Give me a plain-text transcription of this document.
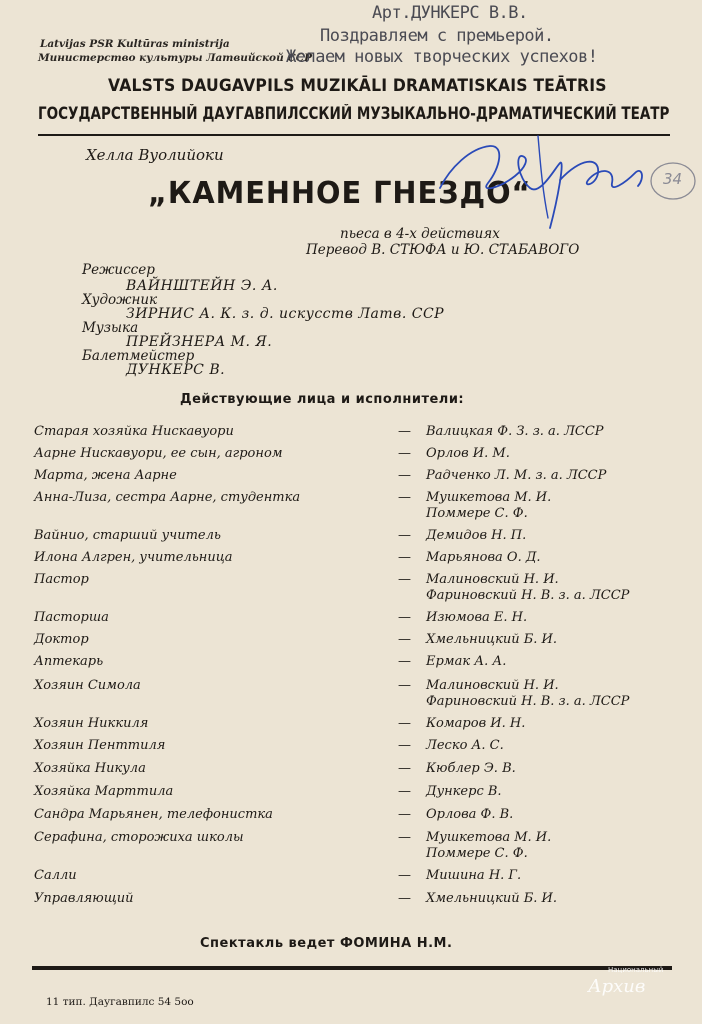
Latvijas PSR Kultūras ministrija
Министерство культуры Латвийской ССР
Арт.ДУНКЕРС В.В.
Поздравляем с премьерой.
Желаем новых творческих успехов!
VALSTS DAUGAVPILS MUZIKĀLI DRAMATISKAIS TEĀTRIS
ГОСУДАРСТВЕННЫЙ ДАУГАВПИЛССКИЙ МУЗЫКАЛЬНО-ДРАМАТИЧЕСКИЙ ТЕАТР
Хелла Вуолийоки
„КАМЕННОЕ ГНЕЗДО“
пьеса в 4-х действиях
Перевод В. СТЮФА и Ю. СТАБАВОГО
34
Режиссер
ВАЙНШТЕЙН Э. А.
Художник
ЗИРНИС А. К. з. д. искусств Латв. ССР
Музыка
ПРЕЙЗНЕРА М. Я.
Балетмейстер
ДУНКЕРС В.
Действующие лица и исполнители:
Старая хозяйка Нискавуори	— Валицкая Ф. З. з. а. ЛССР
Аарне Нискавуори, ее сын, агроном	— Орлов И. М.
Марта, жена Аарне	— Радченко Л. М. з. а. ЛССР
Анна-Лиза, сестра Аарне, студентка	— Мушкетова М. И.
Поммере С. Ф.
Вайнио, старший учитель	— Демидов Н. П.
Илона Алгрен, учительница	— Марьянова О. Д.
Пастор	— Малиновский Н. И.
Фариновский Н. В. з. а. ЛССР
Пасторша	— Изюмова Е. Н.
Доктор	— Хмельницкий Б. И.
Аптекарь	— Ермак А. А.
Хозяин Симола	— Малиновский Н. И.
Фариновский Н. В. з. а. ЛССР
Хозяин Никкиля	— Комаров И. Н.
Хозяин Пенттиля	— Леско А. С.
Хозяйка Никула	— Кюблер Э. В.
Хозяйка Марттила	— Дункерс В.
Сандра Марьянен, телефонистка	— Орлова Ф. В.
Серафина, сторожиха школы	— Мушкетова М. И.
Поммере С. Ф.
Салли	— Мишина Н. Г.
Управляющий	— Хмельницкий Б. И.
Спектакль ведет ФОМИНА Н.М.
11 тип. Даугавпилс 54 5оо
Национальный
Архив
